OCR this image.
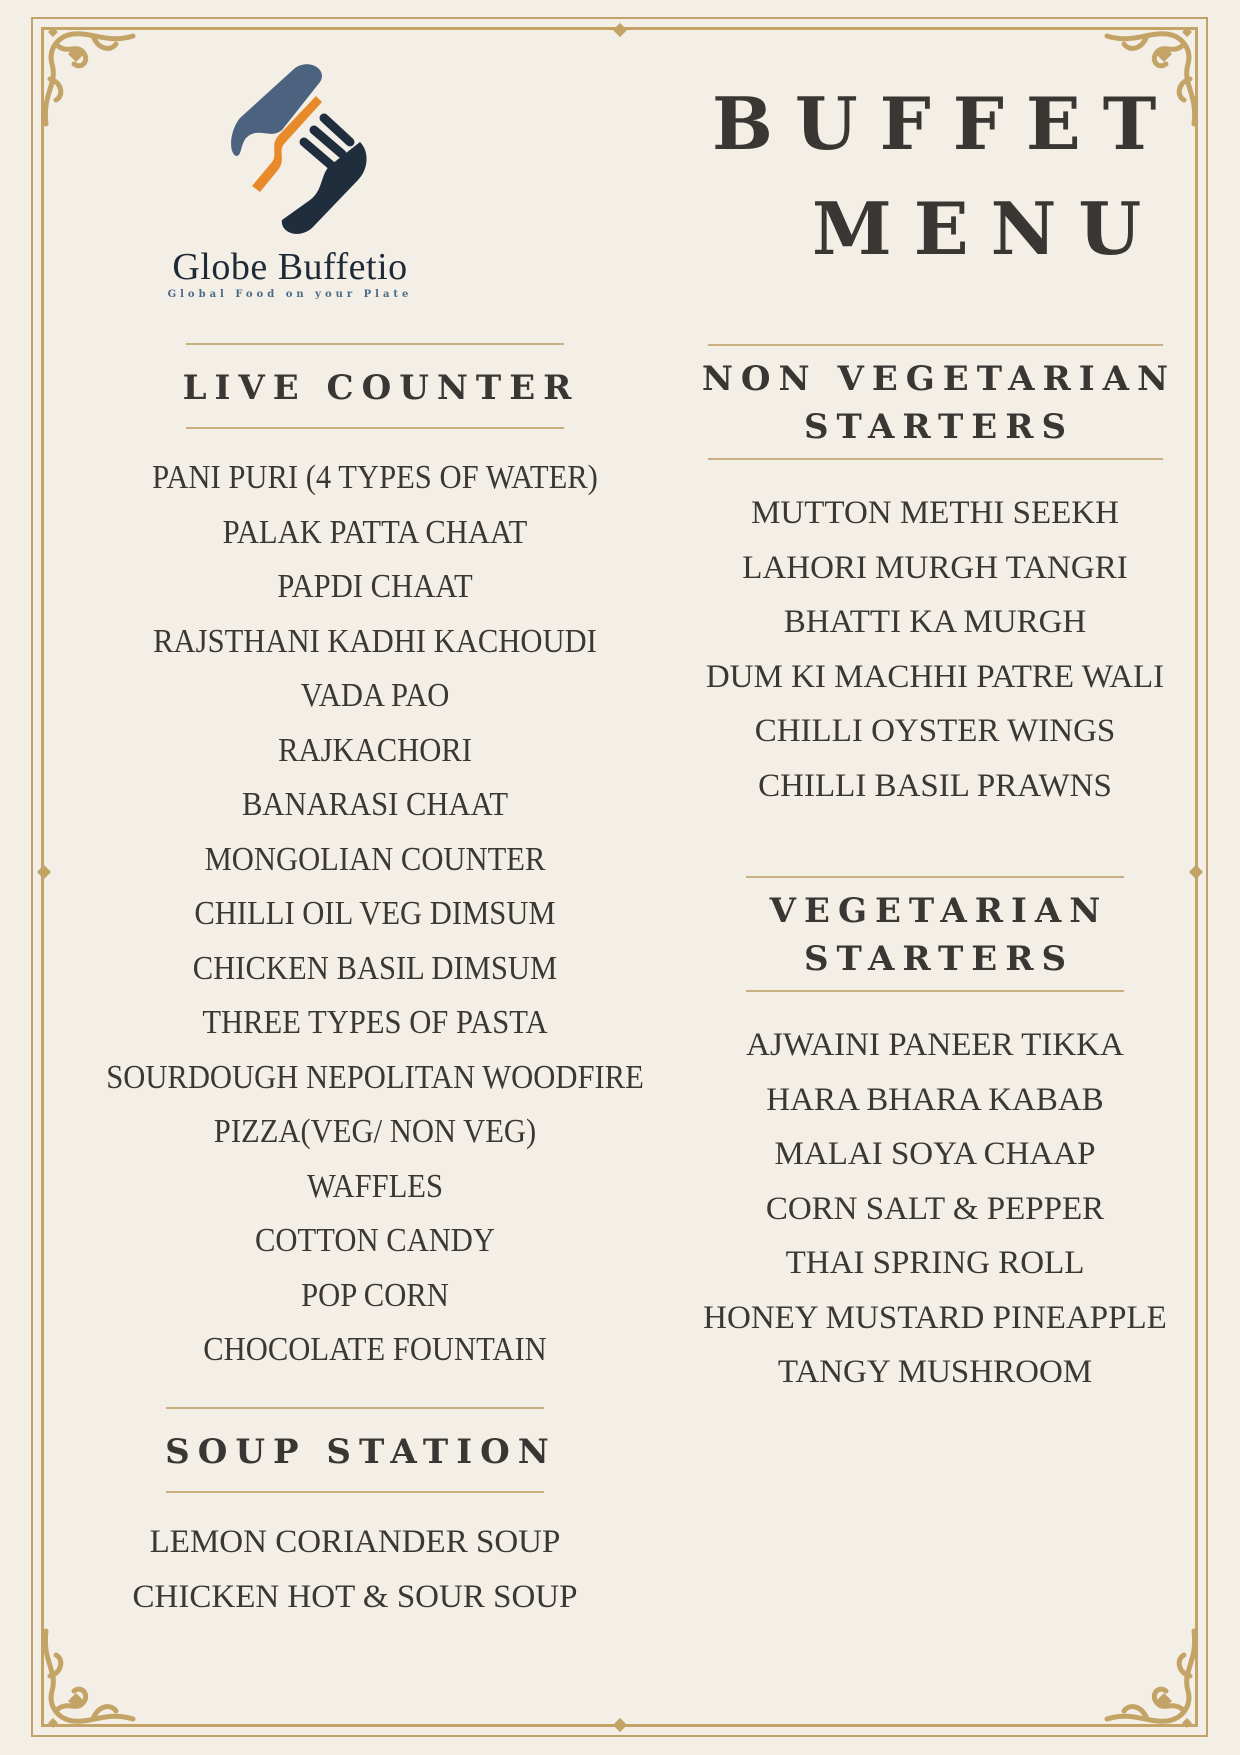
Globe Buffetio
Global Food on your Plate
BUFFET
MENU
LIVE COUNTER
PANI PURI (4 TYPES OF WATER)
PALAK PATTA CHAAT
PAPDI CHAAT
RAJSTHANI KADHI KACHOUDI
VADA PAO
RAJKACHORI
BANARASI CHAAT
MONGOLIAN COUNTER
CHILLI OIL VEG DIMSUM
CHICKEN BASIL DIMSUM
THREE TYPES OF PASTA
SOURDOUGH NEPOLITAN WOODFIRE
PIZZA(VEG/ NON VEG)
WAFFLES
COTTON CANDY
POP CORN
CHOCOLATE FOUNTAIN
SOUP STATION
LEMON CORIANDER SOUP
CHICKEN HOT & SOUR SOUP
NON VEGETARIAN
STARTERS
MUTTON METHI SEEKH
LAHORI MURGH TANGRI
BHATTI KA MURGH
DUM KI MACHHI PATRE WALI
CHILLI OYSTER WINGS
CHILLI BASIL PRAWNS
VEGETARIAN
STARTERS
AJWAINI PANEER TIKKA
HARA BHARA KABAB
MALAI SOYA CHAAP
CORN SALT & PEPPER
THAI SPRING ROLL
HONEY MUSTARD PINEAPPLE
TANGY MUSHROOM
